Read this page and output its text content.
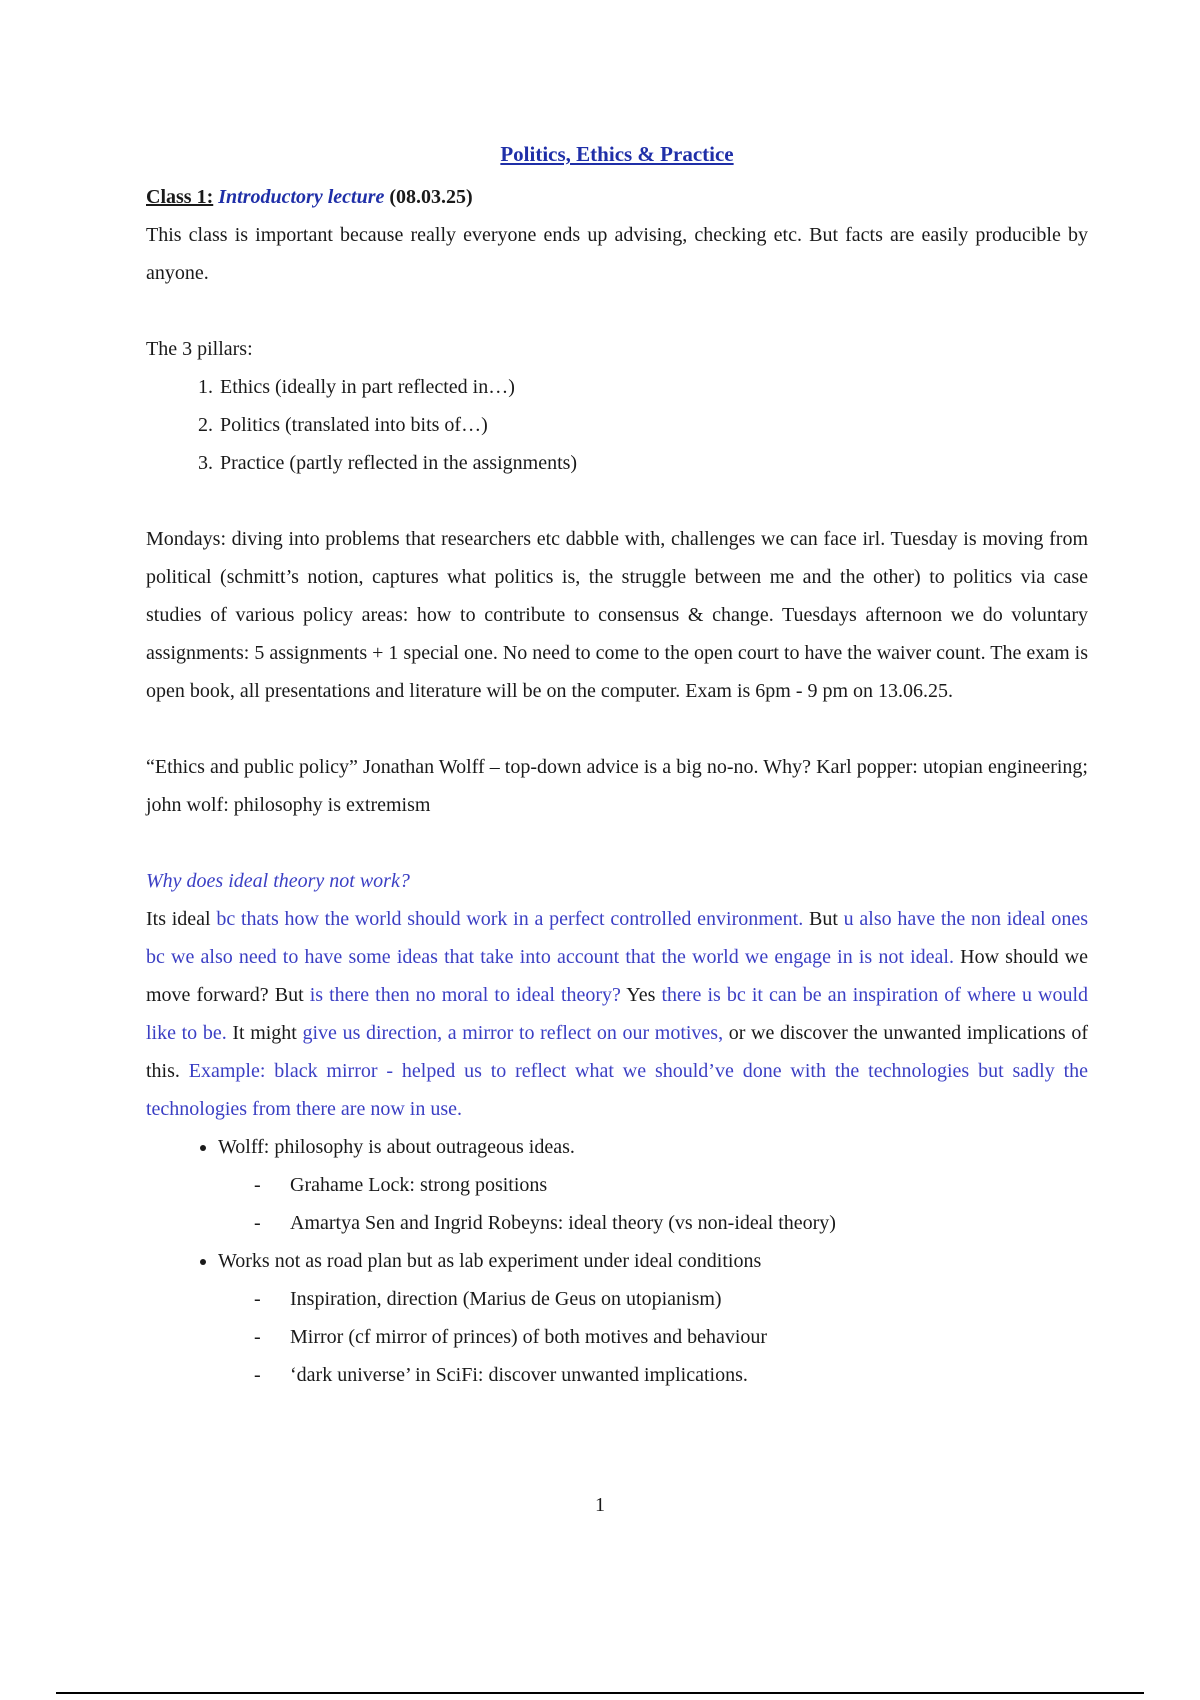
Politics, Ethics & Practice
Class 1: Introductory lecture (08.03.25)

This class is important because really everyone ends up advising, checking etc. But facts are easily producible by anyone.

The 3 pillars:

1. Ethics (ideally in part reflected in…)
2. Politics (translated into bits of…)
3. Practice (partly reflected in the assignments)

Mondays: diving into problems that researchers etc dabble with, challenges we can face irl. Tuesday is moving from political (schmitt’s notion, captures what politics is, the struggle between me and the other) to politics via case studies of various policy areas: how to contribute to consensus & change. Tuesdays afternoon we do voluntary assignments: 5 assignments + 1 special one. No need to come to the open court to have the waiver count. The exam is open book, all presentations and literature will be on the computer. Exam is 6pm - 9 pm on 13.06.25.

“Ethics and public policy” Jonathan Wolff – top-down advice is a big no-no. Why? Karl popper: utopian engineering; john wolf: philosophy is extremism

Why does ideal theory not work?

Its ideal bc thats how the world should work in a perfect controlled environment. But u also have the non ideal ones bc we also need to have some ideas that take into account that the world we engage in is not ideal. How should we move forward? But is there then no moral to ideal theory? Yes there is bc it can be an inspiration of where u would like to be. It might give us direction, a mirror to reflect on our motives, or we discover the unwanted implications of this. Example: black mirror - helped us to reflect what we should’ve done with the technologies but sadly the technologies from there are now in use.

• Wolff: philosophy is about outrageous ideas.
- Grahame Lock: strong positions
- Amartya Sen and Ingrid Robeyns: ideal theory (vs non-ideal theory)
• Works not as road plan but as lab experiment under ideal conditions
- Inspiration, direction (Marius de Geus on utopianism)
- Mirror (cf mirror of princes) of both motives and behaviour
- ‘dark universe’ in SciFi: discover unwanted implications.
1
